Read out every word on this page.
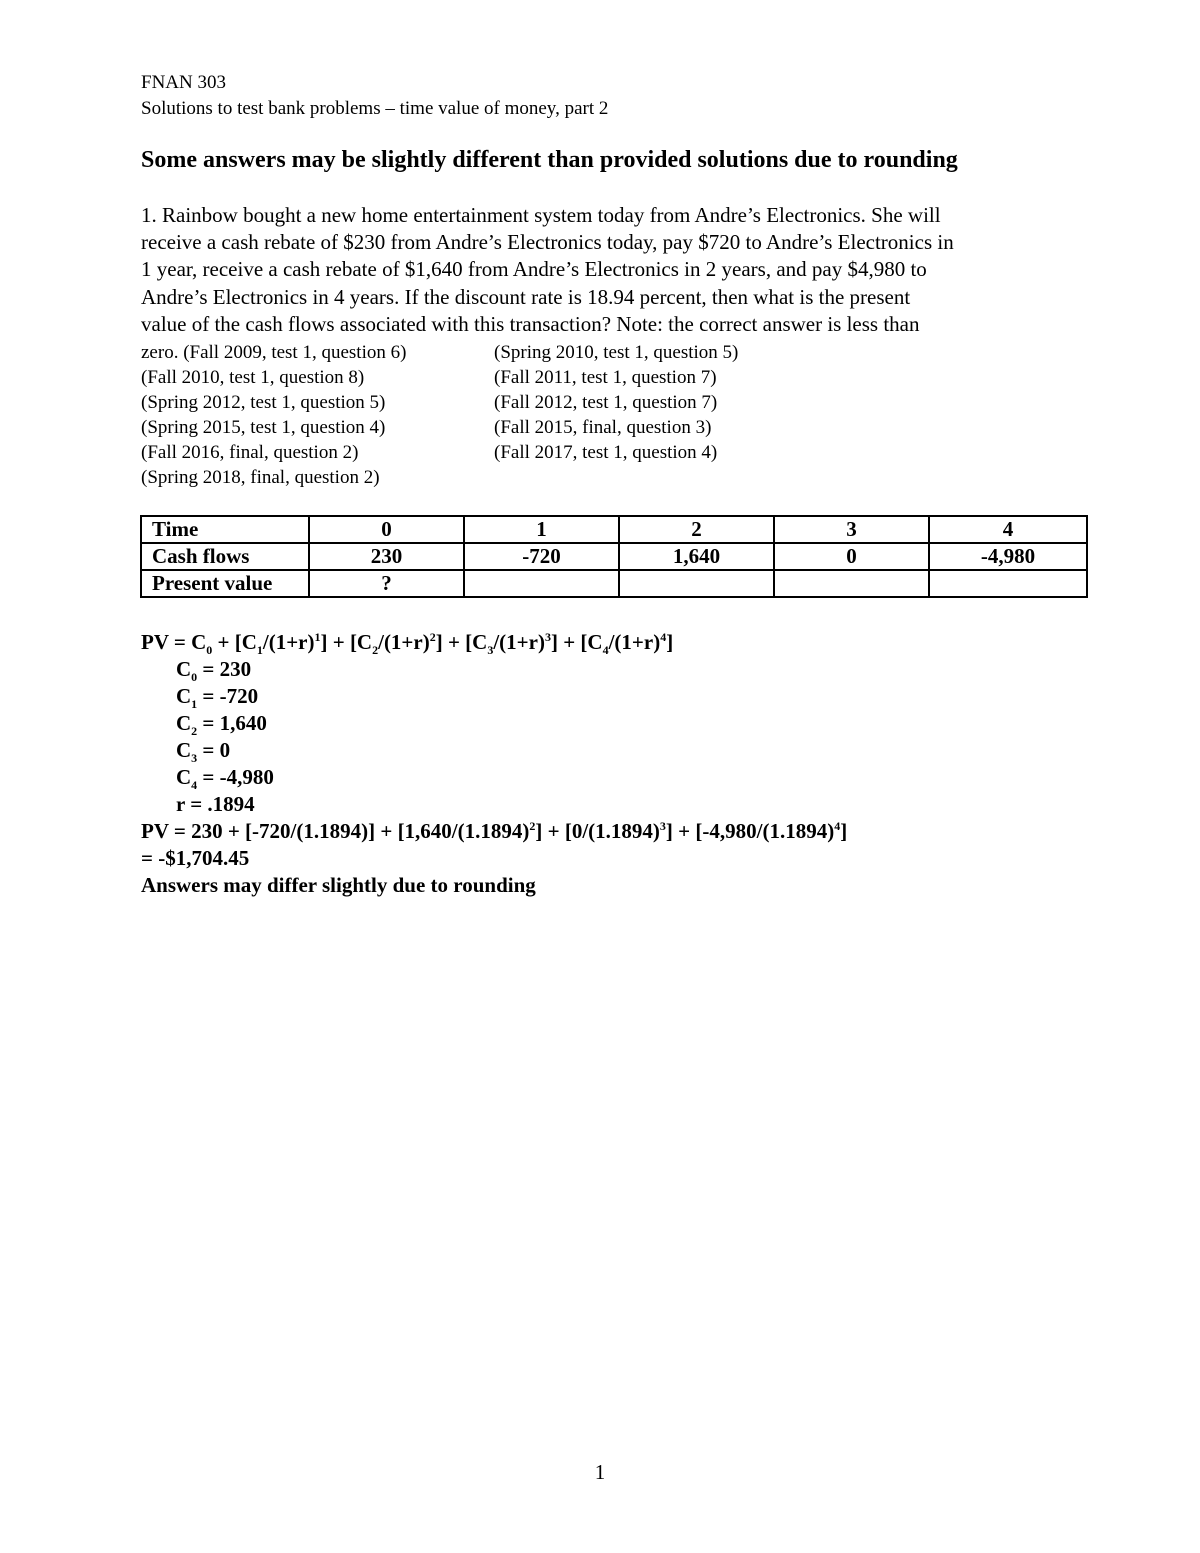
FNAN 303
Solutions to test bank problems – time value of money, part 2
Some answers may be slightly different than provided solutions due to rounding

1. Rainbow bought a new home entertainment system today from Andre’s Electronics. She will

receive a cash rebate of $230 from Andre’s Electronics today, pay $720 to Andre’s Electronics in

1 year, receive a cash rebate of $1,640 from Andre’s Electronics in 2 years, and pay $4,980 to

Andre’s Electronics in 4 years. If the discount rate is 18.94 percent, then what is the present

value of the cash flows associated with this transaction? Note: the correct answer is less than

zero. (Fall 2009, test 1, question 6)	(Spring 2010, test 1, question 5)
(Fall 2010, test 1, question 8)	(Fall 2011, test 1, question 7)
(Spring 2012, test 1, question 5)	(Fall 2012, test 1, question 7)
(Spring 2015, test 1, question 4)	(Fall 2015, final, question 3)
(Fall 2016, final, question 2)	(Fall 2017, test 1, question 4)
(Spring 2018, final, question 2)
Time	0	1	2	3	4
Cash flows	230	-720	1,640	0	-4,980
Present value	?				
PV = $C_0 + [C_1/(1+r)^1] + [C_2/(1+r)^2] + [C_3/(1+r)^3] + [C_4/(1+r)^4]$
$C_0 = 230$
$C_1 = -720$
$C_2 = 1,640$
$C_3 = 0$
$C_4 = -4,980$
r = .1894
PV = $230 + [-720/(1.1894)] + [1,640/(1.1894)^2] + [0/(1.1894)^3] + [-4,980/(1.1894)^4]$
= -$1,704.45
Answers may differ slightly due to rounding
1
